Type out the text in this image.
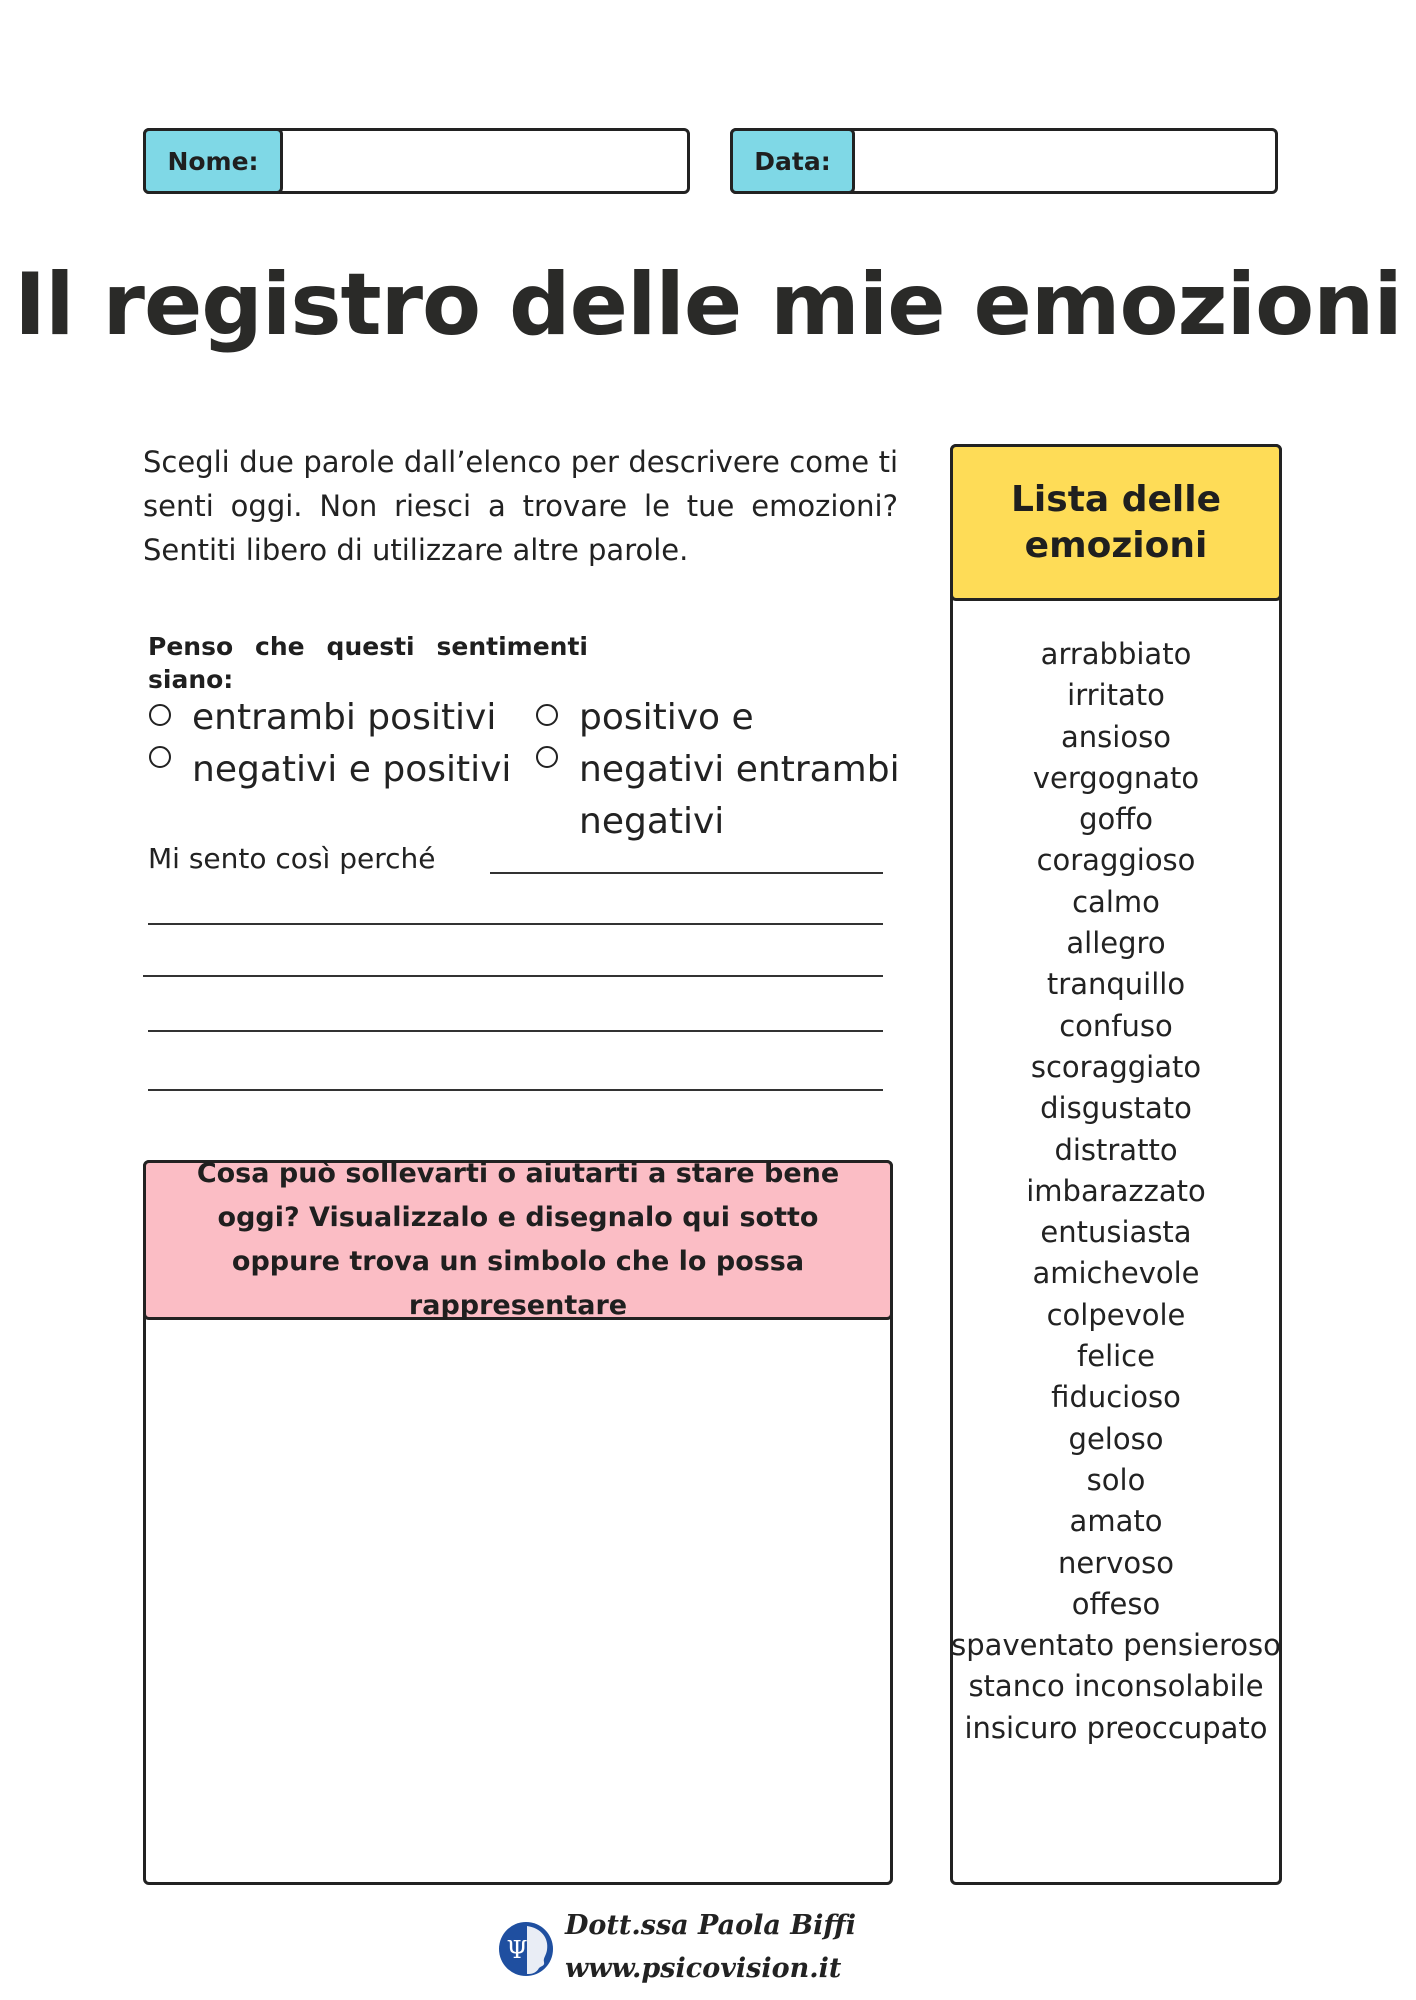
Nome:	Data:
Il registro delle mie emozioni
Scegli due parole dall’elenco per descrivere come ti senti oggi. Non riesci a trovare le tue emozioni? Sentiti libero di utilizzare altre parole.
Penso che questi sentimenti
siano:
entrambi positivi
negativi e positivi
positivo e
negativi entrambi
negativi
Mi sento così perché
Cosa può sollevarti o aiutarti a stare bene oggi? Visualizzalo e disegnalo qui sotto oppure trova un simbolo che lo possa rappresentare
Lista delle
emozioni
arrabbiato
irritato
ansioso
vergognato
goffo
coraggioso
calmo
allegro
tranquillo
confuso
scoraggiato
disgustato
distratto
imbarazzato
entusiasta
amichevole
colpevole
felice
fiducioso
geloso
solo
amato
nervoso
offeso
spaventato pensieroso
stanco inconsolabile
insicuro preoccupato
Ψ
Dott.ssa Paola Biffi
www.psicovision.it
